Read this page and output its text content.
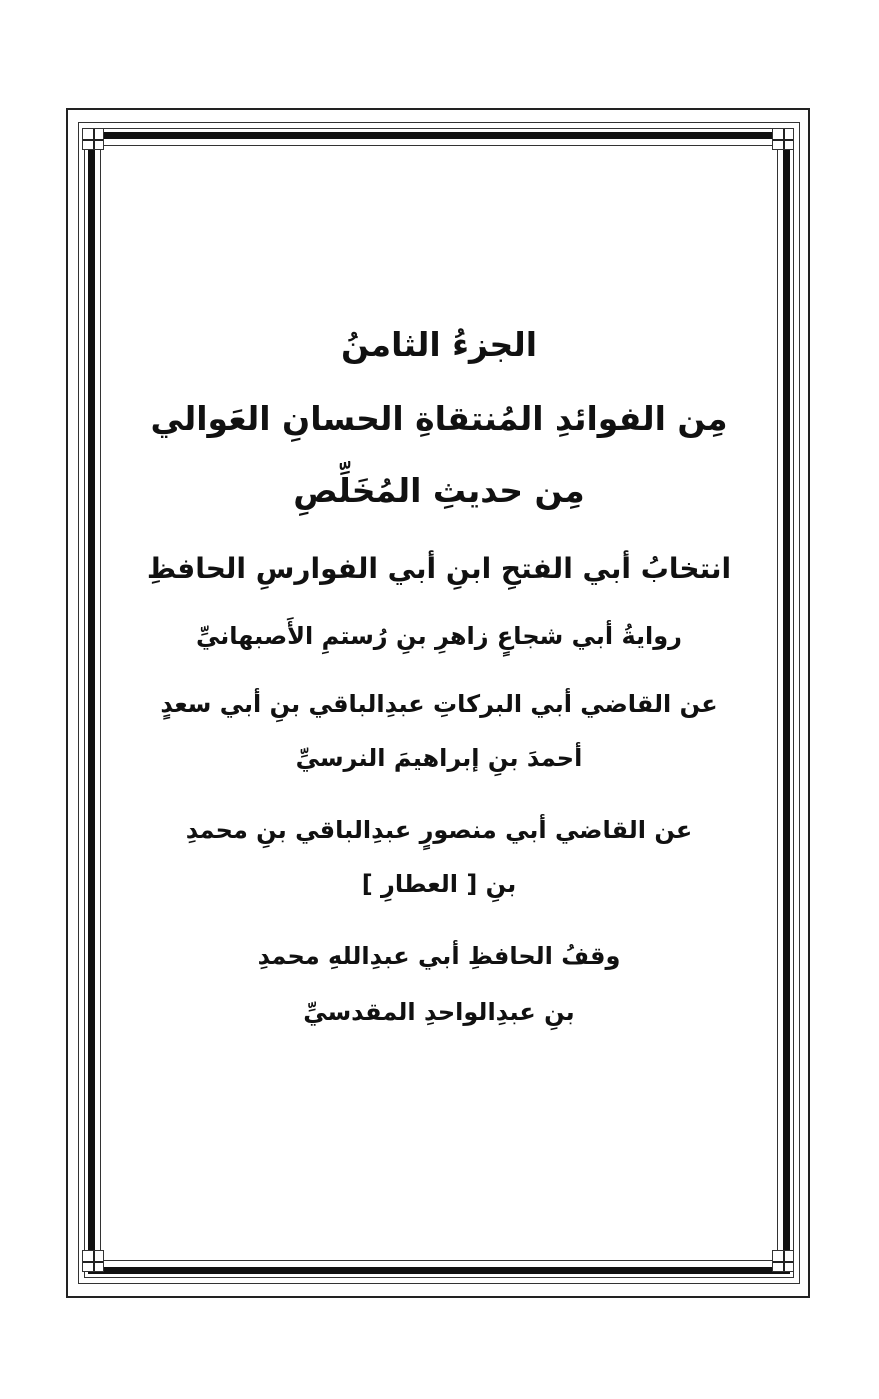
الجزءُ الثامنُ
مِن الفوائدِ المُنتقاةِ الحسانِ العَوالي
مِن حديثِ المُخَلِّصِ
انتخابُ أبي الفتحِ ابنِ أبي الفوارسِ الحافظِ
روايةُ أبي شجاعٍ زاهرِ بنِ رُستمِ الأَصبهانيِّ
عن القاضي أبي البركاتِ عبدِالباقي بنِ أبي سعدٍ
أحمدَ بنِ إبراهيمَ النرسيِّ
عن القاضي أبي منصورٍ عبدِالباقي بنِ محمدِ
بنِ [ العطارِ ]
وقفُ الحافظِ أبي عبدِاللهِ محمدِ
بنِ عبدِالواحدِ المقدسيِّ
